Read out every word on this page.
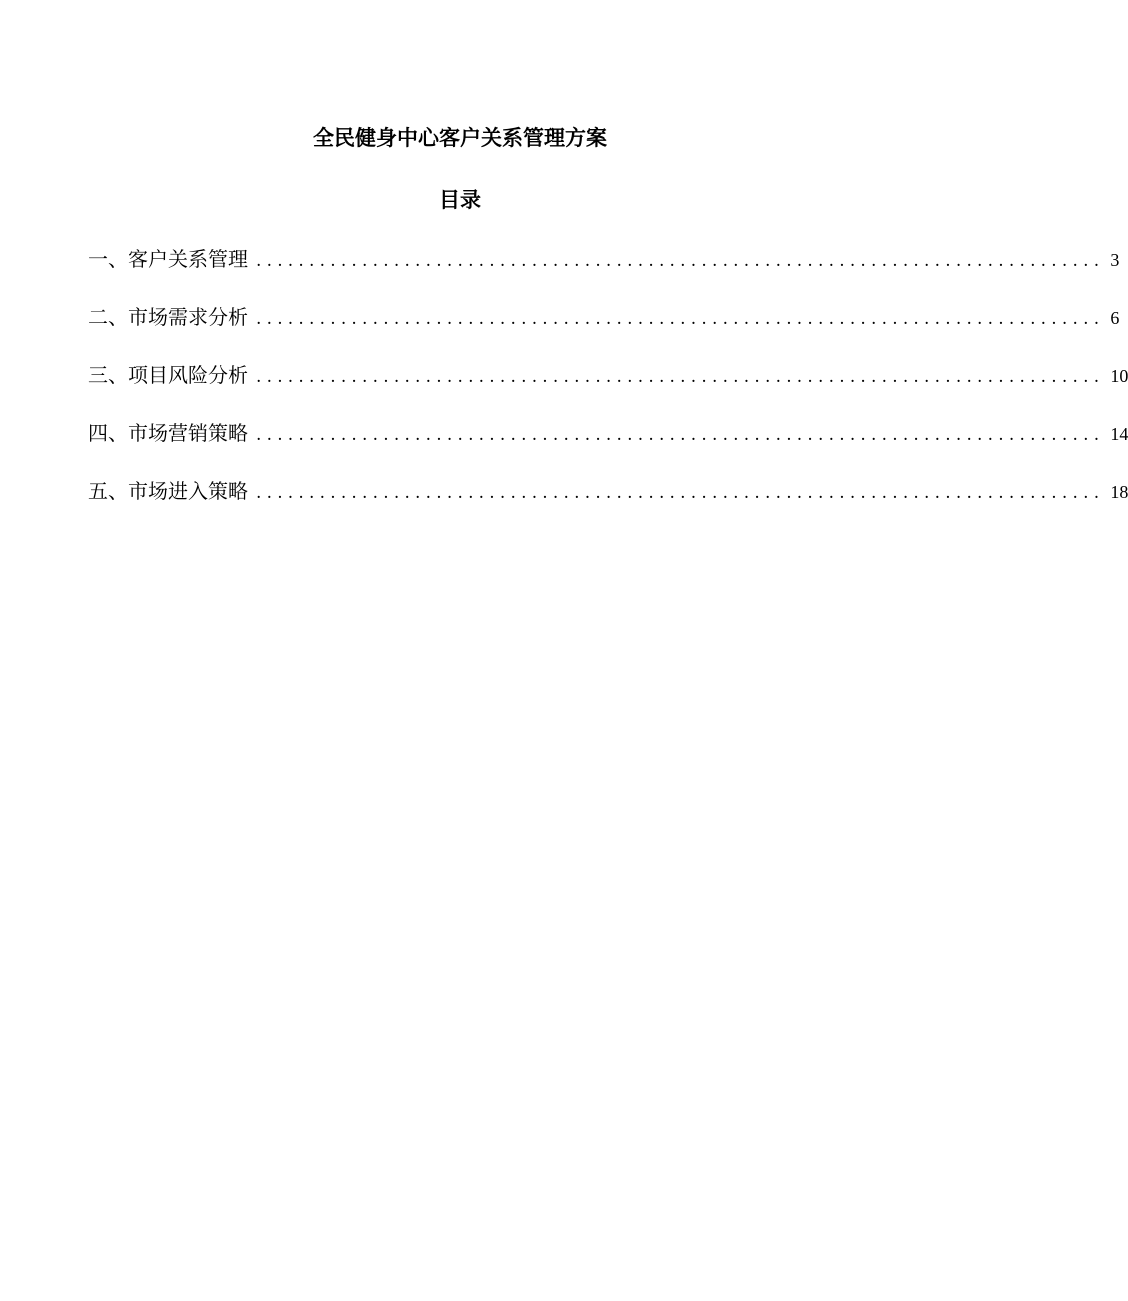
全民健身中心客户关系管理方案
目录
一、客户关系管理 ................................................................................ 3
二、市场需求分析 ................................................................................ 6
三、项目风险分析 ................................................................................ 10
四、市场营销策略 ................................................................................ 14
五、市场进入策略 ................................................................................ 18
